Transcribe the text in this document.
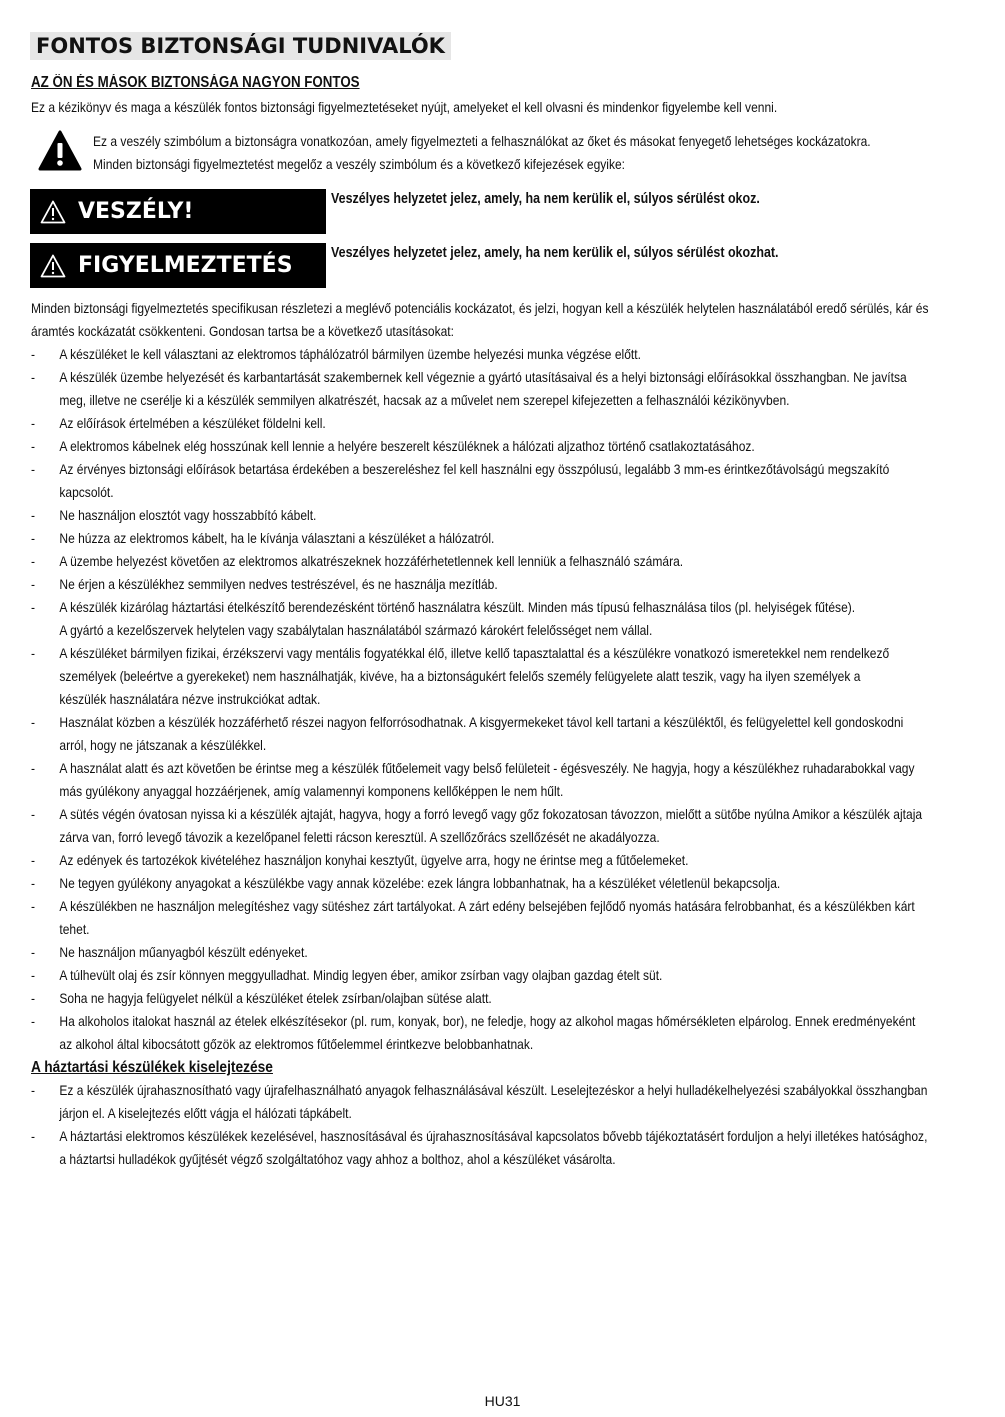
FONTOS BIZTONSÁGI TUDNIVALÓK
AZ ÖN ÉS MÁSOK BIZTONSÁGA NAGYON FONTOS
Ez a kézikönyv és maga a készülék fontos biztonsági figyelmeztetéseket nyújt, amelyeket el kell olvasni és mindenkor figyelembe kell venni.
Ez a veszély szimbólum a biztonságra vonatkozóan, amely figyelmezteti a felhasználókat az őket és másokat fenyegető lehetséges kockázatokra.
Minden biztonsági figyelmeztetést megelőz a veszély szimbólum és a következő kifejezések egyike:
VESZÉLY!	Veszélyes helyzetet jelez, amely, ha nem kerülik el, súlyos sérülést okoz.
FIGYELMEZTETÉS	Veszélyes helyzetet jelez, amely, ha nem kerülik el, súlyos sérülést okozhat.

Minden biztonsági figyelmeztetés specifikusan részletezi a meglévő potenciális kockázatot, és jelzi, hogyan kell a készülék helytelen használatából eredő sérülés, kár és

áramtés kockázatát csökkenteni. Gondosan tartsa be a következő utasításokat:

- A készüléket le kell választani az elektromos táphálózatról bármilyen üzembe helyezési munka végzése előtt.
- A készülék üzembe helyezését és karbantartását szakembernek kell végeznie a gyártó utasításaival és a helyi biztonsági előírásokkal összhangban. Ne javítsa
meg, illetve ne cserélje ki a készülék semmilyen alkatrészét, hacsak az a művelet nem szerepel kifejezetten a felhasználói kézikönyvben.
- Az előírások értelmében a készüléket földelni kell.
- A elektromos kábelnek elég hosszúnak kell lennie a helyére beszerelt készüléknek a hálózati aljzathoz történő csatlakoztatásához.
- Az érvényes biztonsági előírások betartása érdekében a beszereléshez fel kell használni egy összpólusú, legalább 3 mm-es érintkezőtávolságú megszakító
kapcsolót.
- Ne használjon elosztót vagy hosszabbító kábelt.
- Ne húzza az elektromos kábelt, ha le kívánja választani a készüléket a hálózatról.
- A üzembe helyezést követően az elektromos alkatrészeknek hozzáférhetetlennek kell lenniük a felhasználó számára.
- Ne érjen a készülékhez semmilyen nedves testrészével, és ne használja mezítláb.
- A készülék kizárólag háztartási ételkészítő berendezésként történő használatra készült. Minden más típusú felhasználása tilos (pl. helyiségek fűtése).
A gyártó a kezelőszervek helytelen vagy szabálytalan használatából származó károkért felelősséget nem vállal.
- A készüléket bármilyen fizikai, érzékszervi vagy mentális fogyatékkal élő, illetve kellő tapasztalattal és a készülékre vonatkozó ismeretekkel nem rendelkező
személyek (beleértve a gyerekeket) nem használhatják, kivéve, ha a biztonságukért felelős személy felügyelete alatt teszik, vagy ha ilyen személyek a
készülék használatára nézve instrukciókat adtak.
- Használat közben a készülék hozzáférhető részei nagyon felforrósodhatnak. A kisgyermekeket távol kell tartani a készüléktől, és felügyelettel kell gondoskodni
arról, hogy ne játszanak a készülékkel.
- A használat alatt és azt követően be érintse meg a készülék fűtőelemeit vagy belső felületeit - égésveszély. Ne hagyja, hogy a készülékhez ruhadarabokkal vagy
más gyúlékony anyaggal hozzáérjenek, amíg valamennyi komponens kellőképpen le nem hűlt.
- A sütés végén óvatosan nyissa ki a készülék ajtaját, hagyva, hogy a forró levegő vagy gőz fokozatosan távozzon, mielőtt a sütőbe nyúlna Amikor a készülék ajtaja
zárva van, forró levegő távozik a kezelőpanel feletti rácson keresztül. A szellőzőrács szellőzését ne akadályozza.
- Az edények és tartozékok kivételéhez használjon konyhai kesztyűt, ügyelve arra, hogy ne érintse meg a fűtőelemeket.
- Ne tegyen gyúlékony anyagokat a készülékbe vagy annak közelébe: ezek lángra lobbanhatnak, ha a készüléket véletlenül bekapcsolja.
- A készülékben ne használjon melegítéshez vagy sütéshez zárt tartályokat. A zárt edény belsejében fejlődő nyomás hatására felrobbanhat, és a készülékben kárt
tehet.
- Ne használjon műanyagból készült edényeket.
- A túlhevült olaj és zsír könnyen meggyulladhat. Mindig legyen éber, amikor zsírban vagy olajban gazdag ételt süt.
- Soha ne hagyja felügyelet nélkül a készüléket ételek zsírban/olajban sütése alatt.
- Ha alkoholos italokat használ az ételek elkészítésekor (pl. rum, konyak, bor), ne feledje, hogy az alkohol magas hőmérsékleten elpárolog. Ennek eredményeként
az alkohol által kibocsátott gőzök az elektromos fűtőelemmel érintkezve belobbanhatnak.
A háztartási készülékek kiselejtezése
- Ez a készülék újrahasznosítható vagy újrafelhasználható anyagok felhasználásával készült. Leselejtezéskor a helyi hulladékelhelyezési szabályokkal összhangban
járjon el. A kiselejtezés előtt vágja el hálózati tápkábelt.
- A háztartási elektromos készülékek kezelésével, hasznosításával és újrahasznosításával kapcsolatos bővebb tájékoztatásért forduljon a helyi illetékes hatósághoz,
a háztartsi hulladékok gyűjtését végző szolgáltatóhoz vagy ahhoz a bolthoz, ahol a készüléket vásárolta.
HU31
